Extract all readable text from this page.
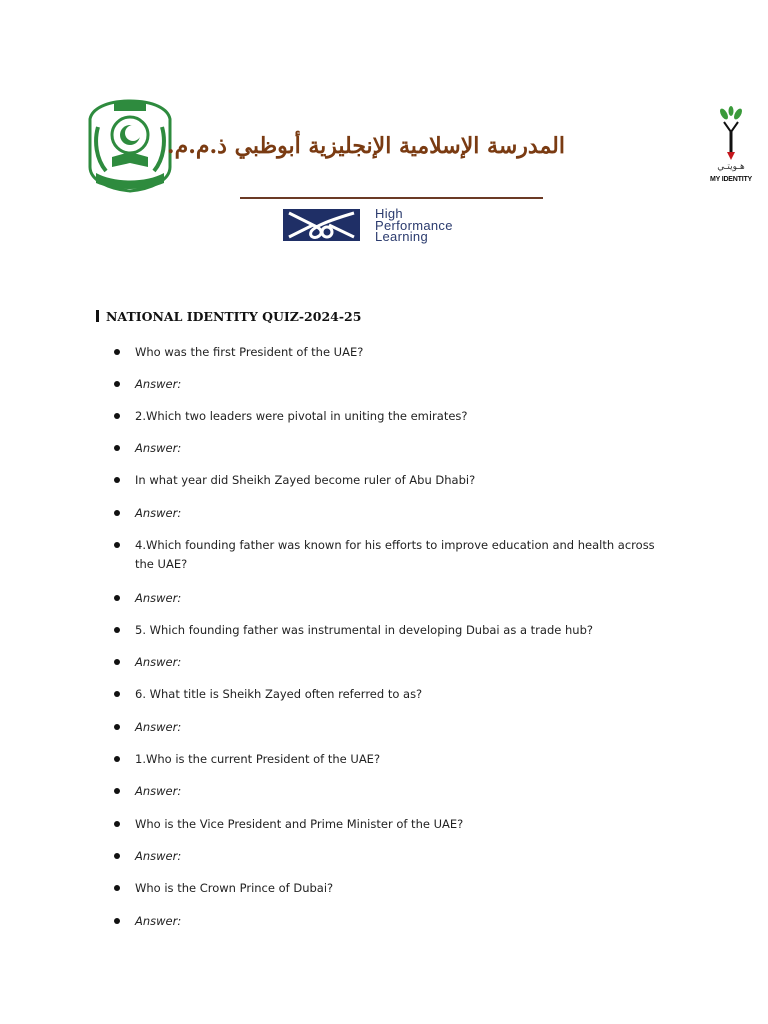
المدرسة الإسلامية الإنجليزية أبوظبي ذ.م.م.
هـويتـي
MY IDENTITY
High
Performance
Learning
NATIONAL IDENTITY QUIZ-2024-25
Who was the first President of the UAE?
Answer:
2.Which two leaders were pivotal in uniting the emirates?
Answer:
In what year did Sheikh Zayed become ruler of Abu Dhabi?
Answer:
4.Which founding father was known for his efforts to improve education and health across the UAE?
Answer:
5. Which founding father was instrumental in developing Dubai as a trade hub?
Answer:
6. What title is Sheikh Zayed often referred to as?
Answer:
1.Who is the current President of the UAE?
Answer:
Who is the Vice President and Prime Minister of the UAE?
Answer:
Who is the Crown Prince of Dubai?
Answer:
